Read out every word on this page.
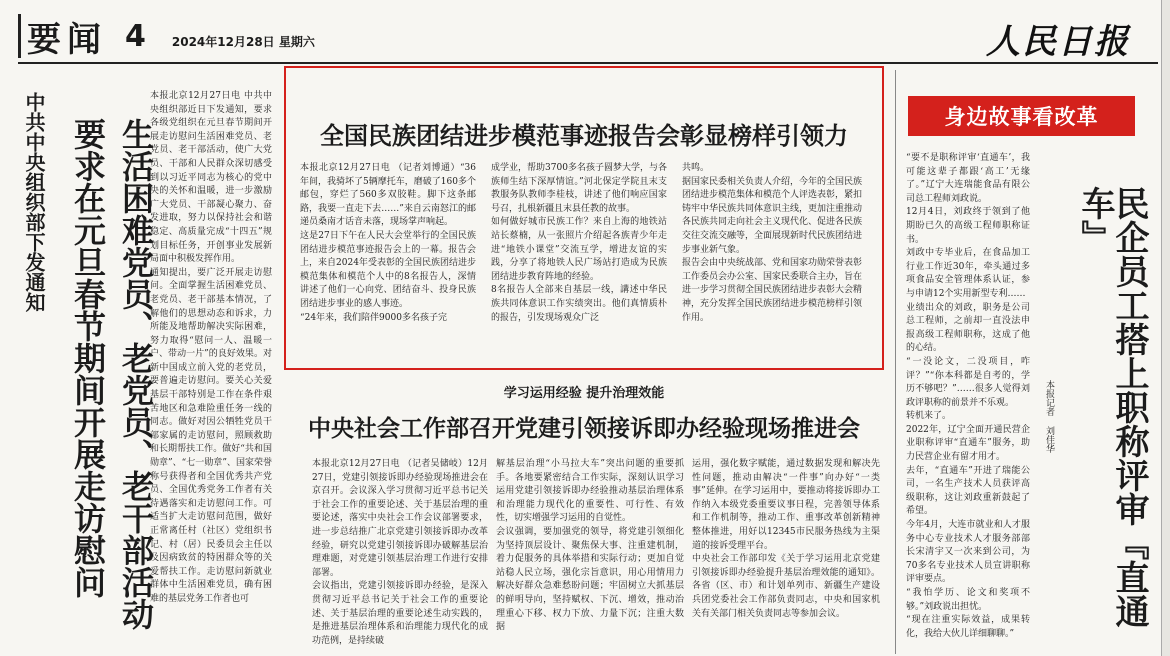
要闻 4 2024年12月28日 星期六	人民日报
中共中央组织部下发通知	生活困难党员、老党员、老干部活动
要求在元旦春节期间开展走访慰问
本报北京12月27日电 中共中央组织部近日下发通知，要求各级党组织在元旦春节期间开展走访慰问生活困难党员、老党员、老干部活动，使广大党员、干部和人民群众深切感受到以习近平同志为核心的党中央的关怀和温暖，进一步激励广大党员、干部凝心聚力、奋发进取，努力以保持社会和谐稳定、高质量完成“十四五”规划目标任务，开创事业发展新局面中积极发挥作用。
通知提出，要广泛开展走访慰问。全面掌握生活困难党员、老党员、老干部基本情况，了解他们的思想动态和诉求，力所能及地帮助解决实际困难，努力取得“慰问一人、温暖一户、带动一片”的良好效果。对新中国成立前入党的老党员，要普遍走访慰问。要关心关爱基层干部特别是工作在条件艰苦地区和急难险重任务一线的同志。做好对因公牺牲党员干部家属的走访慰问，照顾救助和长期帮扶工作。做好“共和国勋章”、“七一勋章”、国家荣誉称号获得者和全国优秀共产党员、全国优秀党务工作者有关待遇落实和走访慰问工作。可适当扩大走访慰问范围，做好正常离任村（社区）党组织书记、村（居）民委员会主任以及因病致贫的特困群众等的关爱帮扶工作。走访慰问新就业群体中生活困难党员，确有困难的基层党务工作者也可
全国民族团结进步模范事迹报告会彰显榜样引领力
本报北京12月27日电 （记者刘博通）“36年间，我骑坏了5辆摩托车，磨破了160多个邮包，穿烂了560多双胶鞋。脚下这条邮路，我要一直走下去……”来自云南怒江的邮递员桑南才话音未落，现场掌声响起。
这是27日下午在人民大会堂举行的全国民族团结进步模范事迹报告会上的一幕。报告会上，来自2024年受表彰的全国民族团结进步模范集体和模范个人中的8名报告人，深情讲述了他们一心向党、团结奋斗、投身民族团结进步事业的感人事迹。
“24年来，我们陪伴9000多名孩子完
成学业，帮助3700多名孩子圆梦大学，与各族师生结下深厚情谊。”河北保定学院且末支教服务队教师李桂枝，讲述了他们响应国家号召，扎根新疆且末县任教的故事。
如何做好城市民族工作？来自上海的地铁站站长蔡楠，从一张照片介绍起各族青少年走进“地铁小课堂”交流互学，增进友谊的实践，分享了将地铁人民广场站打造成为民族团结进步教育阵地的经验。
8名报告人全部来自基层一线，講述中华民族共同体意识工作实绩突出。他们真情质朴的报告，引发现场观众广泛
共鸣。
据国家民委相关负责人介绍，今年的全国民族团结进步模范集体和模范个人评选表彰，紧扣铸牢中华民族共同体意识主线，更加注重推动各民族共同走向社会主义现代化、促进各民族交往交流交融等，全面展现新时代民族团结进步事业新气象。
报告会由中央统战部、党和国家功勋荣誉表彰工作委员会办公室、国家民委联合主办，旨在进一步学习贯彻全国民族团结进步表彰大会精神，充分发挥全国民族团结进步模范榜样引领作用。
学习运用经验 提升治理效能
中央社会工作部召开党建引领接诉即办经验现场推进会
本报北京12月27日电 （记者吴储岐）12月27日，党建引领接诉即办经验现场推进会在京召开。会议深入学习贯彻习近平总书记关于社会工作的重要论述、关于基层治理的重要论述，落实中央社会工作会议部署要求，进一步总结推广北京党建引领接诉即办改革经验，研究以党建引领接诉即办破解基层治理难题，对党建引领基层治理工作进行安排部署。
会议指出，党建引领接诉即办经验，是深入贯彻习近平总书记关于社会工作的重要论述、关于基层治理的重要论述生动实践的，是推进基层治理体系和治理能力现代化的成功范例，是持续破
解基层治理“小马拉大车”突出问题的重要抓手。各地要紧密结合工作实际，深刻认识学习运用党建引领接诉即办经验推动基层治理体系和治理能力现代化的重要性、可行性、有效性，切实增强学习运用的自觉性。
会议强调，要加强党的领导，将党建引领细化为坚持顶层设计、聚焦保大事、注重建机制，着力促服务的具体举措和实际行动；更加自觉站稳人民立场，强化宗旨意识，用心用情用力解决好群众急难愁盼问题；牢固树立大抓基层的鲜明导向，坚持赋权、下沉、增效，推动治理重心下移、权力下放、力量下沉；注重大数据
运用，强化数字赋能，通过数据发现和解决先性问题，推动由解决“一件事”向办好“一类事”延伸。在学习运用中，要推动将接诉即办工作纳入本级党委重要议事日程，完善领导体系和工作机制等，推动工作、重事改革创新精神整体推进，用好以12345市民服务热线为主渠道的接诉受理平台。
中央社会工作部印发《关于学习运用北京党建引领接诉即办经验提升基层治理效能的通知》。各省（区、市）和计划单列市、新疆生产建设兵团党委社会工作部负责同志，中央和国家机关有关部门相关负责同志等参加会议。
身边故事看改革
“要不是职称评审‘直通车’，我可能这辈子都跟‘高工’无缘了。”辽宁大连瑞能食品有限公司总工程师刘政说。
12月4日，刘政终于领到了他期盼已久的高级工程师职称证书。
刘政中专毕业后，在食品加工行业工作近30年，牵头通过多项食品安全管理体系认证，参与申请12个实用新型专利……
业绩出众的刘政，职务是公司总工程师，之前却一直没法申报高级工程师职称，这成了他的心结。
“一没论文，二没项目，咋评？”“你本科都是自考的，学历不够吧？”……很多人觉得刘政评职称的前景并不乐观。
转机来了。
2022年，辽宁全面开通民营企业职称评审“直通车”服务，助力民营企业有留才用才。
去年，“直通车”开进了瑞能公司，一名生产技术人员获评高级职称，这让刘政重新鼓起了希望。
今年4月，大连市就业和人才服务中心专业技术人才服务部部长宋清宇又一次来到公司，为70多名专业技术人员宣讲职称评审要点。
“我怕学历、论文和奖项不够。”刘政说出担忧。
“现在注重实际效益，成果转化，我给大伙儿详细聊聊。”
本报记者 刘佳华	民企员工搭上职称评审『直通车』
